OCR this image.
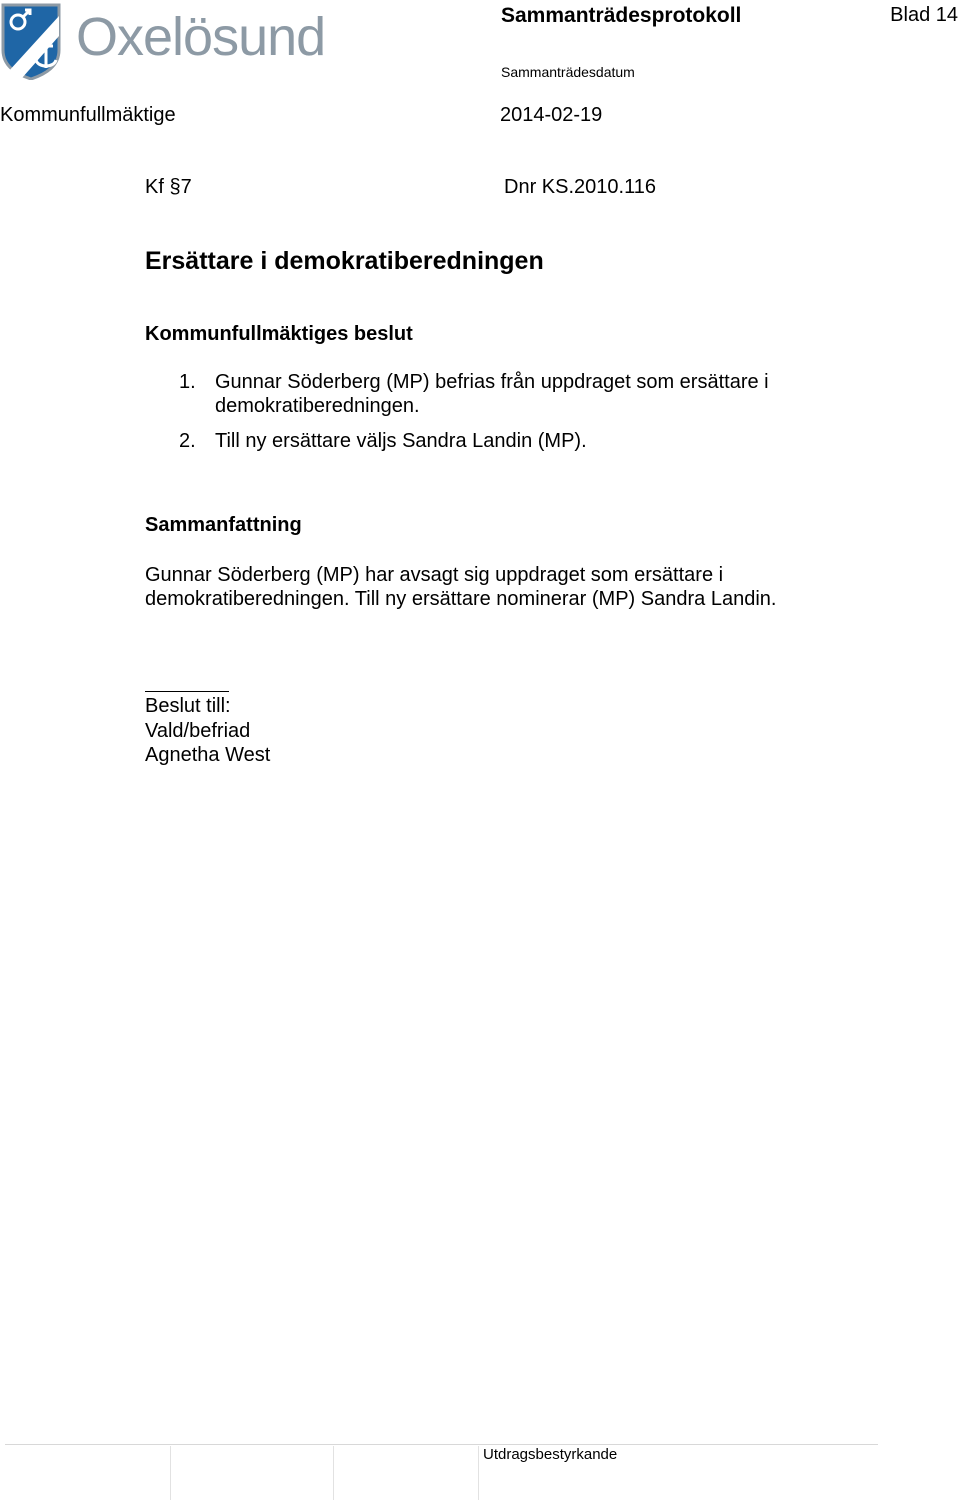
Oxelösund	Sammanträdesprotokoll	Blad 14
Sammanträdesdatum
Kommunfullmäktige	2014-02-19
Kf §7	Dnr KS.2010.116
Ersättare i demokratiberedningen
Kommunfullmäktiges beslut
1. Gunnar Söderberg (MP) befrias från uppdraget som ersättare i demokratiberedningen.
2. Till ny ersättare väljs Sandra Landin (MP).
Sammanfattning
Gunnar Söderberg (MP) har avsagt sig uppdraget som ersättare i demokratiberedningen. Till ny ersättare nominerar (MP) Sandra Landin.
Beslut till:
Vald/befriad
Agnetha West
Utdragsbestyrkande
